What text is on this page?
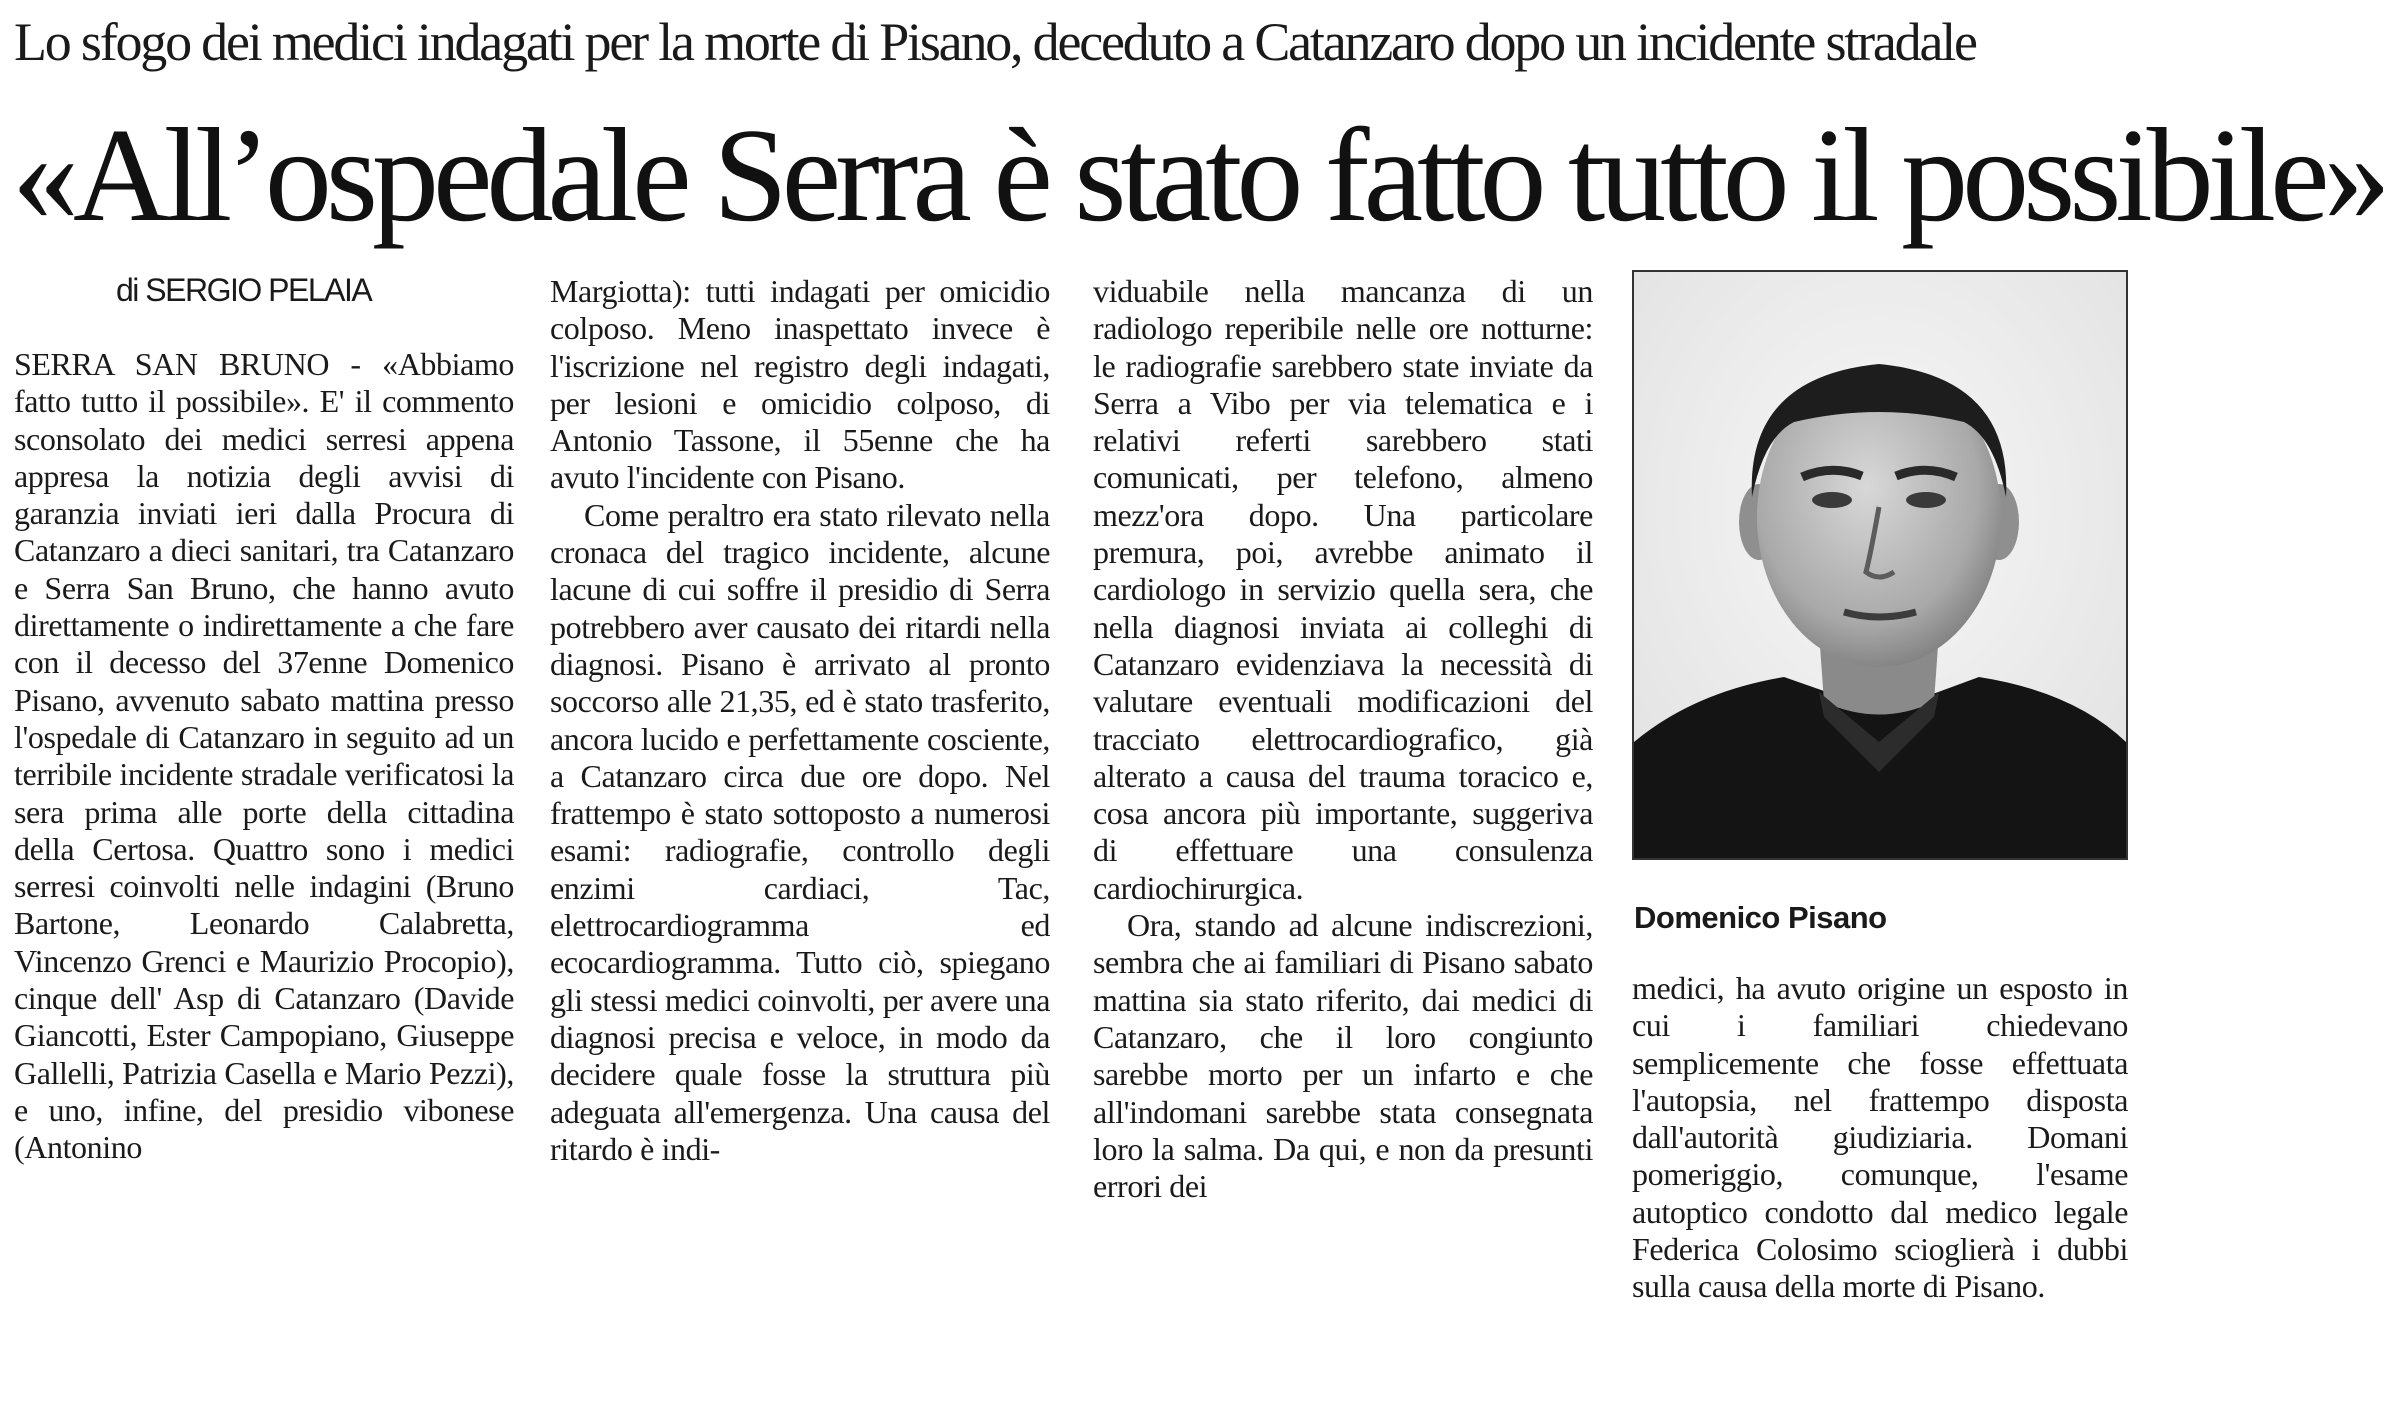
Lo sfogo dei medici indagati per la morte di Pisano, deceduto a Catanzaro dopo un incidente stradale
«All’ospedale Serra è stato fatto tutto il possibile»
di SERGIO PELAIA

SERRA SAN BRUNO - «Abbiamo fatto tutto il possibile». E' il commento sconsolato dei medici serresi appena appresa la notizia degli avvisi di garanzia inviati ieri dalla Procura di Catanzaro a dieci sanitari, tra Catanzaro e Serra San Bruno, che hanno avuto direttamente o indirettamente a che fare con il decesso del 37enne Domenico Pisano, avvenuto sabato mattina presso l'ospedale di Catanzaro in seguito ad un terribile incidente stradale verificatosi la sera prima alle porte della cittadina della Certosa. Quattro sono i medici serresi coinvolti nelle indagini (Bruno Bartone, Leonardo Calabretta, Vincenzo Grenci e Maurizio Procopio), cinque dell' Asp di Catanzaro (Davide Giancotti, Ester Campopiano, Giuseppe Gallelli, Patrizia Casella e Mario Pezzi), e uno, infine, del presidio vibonese (Antonino

Margiotta): tutti indagati per omicidio colposo. Meno inaspettato invece è l'iscrizione nel registro degli indagati, per lesioni e omicidio colposo, di Antonio Tassone, il 55enne che ha avuto l'incidente con Pisano.

Come peraltro era stato rilevato nella cronaca del tragico incidente, alcune lacune di cui soffre il presidio di Serra potrebbero aver causato dei ritardi nella diagnosi. Pisano è arrivato al pronto soccorso alle 21,35, ed è stato trasferito, ancora lucido e perfettamente cosciente, a Catanzaro circa due ore dopo. Nel frattempo è stato sottoposto a numerosi esami: radiografie, controllo degli enzimi cardiaci, Tac, elettrocardiogramma ed ecocardiogramma. Tutto ciò, spiegano gli stessi medici coinvolti, per avere una diagnosi precisa e veloce, in modo da decidere quale fosse la struttura più adeguata all'emergenza. Una causa del ritardo è indi-

viduabile nella mancanza di un radiologo reperibile nelle ore notturne: le radiografie sarebbero state inviate da Serra a Vibo per via telematica e i relativi referti sarebbero stati comunicati, per telefono, almeno mezz'ora dopo. Una particolare premura, poi, avrebbe animato il cardiologo in servizio quella sera, che nella diagnosi inviata ai colleghi di Catanzaro evidenziava la necessità di valutare eventuali modificazioni del tracciato elettrocardiografico, già alterato a causa del trauma toracico e, cosa ancora più importante, suggeriva di effettuare una consulenza cardiochirurgica.

Ora, stando ad alcune indiscrezioni, sembra che ai familiari di Pisano sabato mattina sia stato riferito, dai medici di Catanzaro, che il loro congiunto sarebbe morto per un infarto e che all'indomani sarebbe stata consegnata loro la salma. Da qui, e non da presunti errori dei

Domenico Pisano

medici, ha avuto origine un esposto in cui i familiari chiedevano semplicemente che fosse effettuata l'autopsia, nel frattempo disposta dall'autorità giudiziaria. Domani pomeriggio, comunque, l'esame autoptico condotto dal medico legale Federica Colosimo scioglierà i dubbi sulla causa della morte di Pisano.
